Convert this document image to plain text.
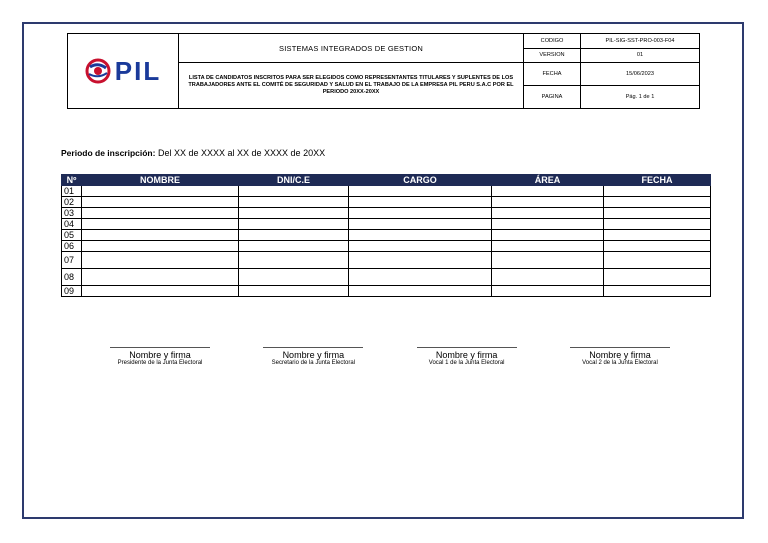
PIL	SISTEMAS INTEGRADOS DE GESTION	CODIGO	PIL-SIG-SST-PRO-003-F04
		VERSION	01
	LISTA DE CANDIDATOS INSCRITOS PARA SER ELEGIDOS COMO REPRESENTANTES TITULARES Y SUPLENTES DE LOS TRABAJADORES ANTE EL COMITÉ DE SEGURIDAD Y SALUD EN EL TRABAJO DE LA EMPRESA PIL PERU S.A.C POR EL PERIODO 20XX-20XX	FECHA	15/06/2023
		PAGINA	Pág. 1 de 1
Periodo de inscripción: Del XX de XXXX al XX de XXXX de 20XX
Nº	NOMBRE	DNI/C.E	CARGO	ÁREA	FECHA
01					
02					
03					
04					
05					
06					
07					
08					
09					
Nombre y firma
Presidente de la Junta Electoral
Nombre y firma
Secretario de la Junta Electoral
Nombre y firma
Vocal 1 de la Junta Electoral
Nombre y firma
Vocal 2 de la Junta Electoral
